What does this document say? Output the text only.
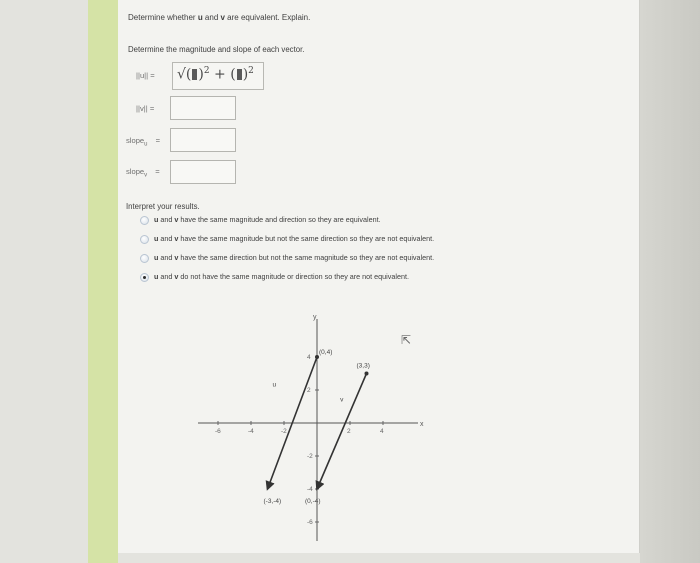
Determine whether u and v are equivalent. Explain.
Determine the magnitude and slope of each vector.
||u|| = √( )$^2$ + ( )$^2$
||v|| =
slope$_u$ =
slope$_v$ =
Interpret your results.
u and v have the same magnitude and direction so they are equivalent.
u and v have the same magnitude but not the same direction so they are not equivalent.
u and v have the same direction but not the same magnitude so they are not equivalent.
u and v do not have the same magnitude or direction so they are not equivalent.
y
x
-6	-4	-2	2	4
4
2
-2
-4
-6
(0,4)
(3,3)
(-3,-4)	(0,-4)
u
v
⇱
